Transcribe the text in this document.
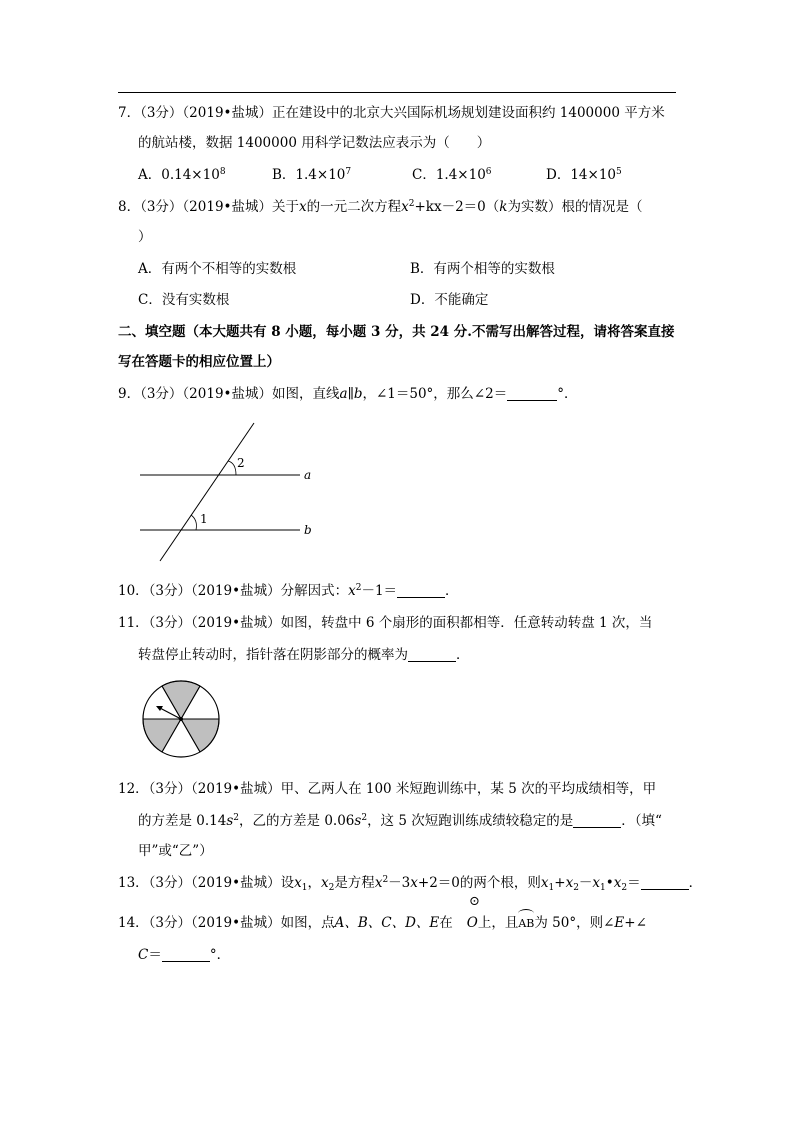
7．（3分）（2019•盐城）正在建设中的北京大兴国际机场规划建设面积约 1400000 平方米
的航站楼，数据 1400000 用科学记数法应表示为（　　）
A．$0.14\times 10^8$	B．$1.4\times 10^7$	C．$1.4\times 10^6$	D．$14\times 10^5$
8．（3分）（2019•盐城）关于x的一元二次方程$x^2+kx-2=0(k$为实数）根的情况是（
）
A．有两个不相等的实数根	B．有两个相等的实数根
C．没有实数根	D．不能确定
二、填空题（本大题共有 8 小题，每小题 3 分，共 24 分.不需写出解答过程，请将答案直接
写在答题卡的相应位置上）
9．（3分）（2019•盐城）如图，直线a∥b，∠1＝50°，那么∠2＝	°．
1
2
a
b
10．（3分）（2019•盐城）分解因式：$x^2-1=$	．
11．（3分）（2019•盐城）如图，转盘中 6 个扇形的面积都相等．任意转动转盘 1 次，当
转盘停止转动时，指针落在阴影部分的概率为	．
12．（3分）（2019•盐城）甲、乙两人在 100 米短跑训练中，某 5 次的平均成绩相等，甲
的方差是 $0.14s^2$，乙的方差是 $0.06s^2$，这 5 次短跑训练成绩较稳定的是	．（填“
甲”或“乙”）
13．（3分）（2019•盐城）设$x_1$，$x_2$是方程$x^2-3x+2=0$的两个根，则$x_1+x_2-x_1•x_2=$	．
⊙
14．（3分）（2019•盐城）如图，点A、B、C、D、E在 O上，且
AB为 50°，则∠E+∠
C＝	°．
